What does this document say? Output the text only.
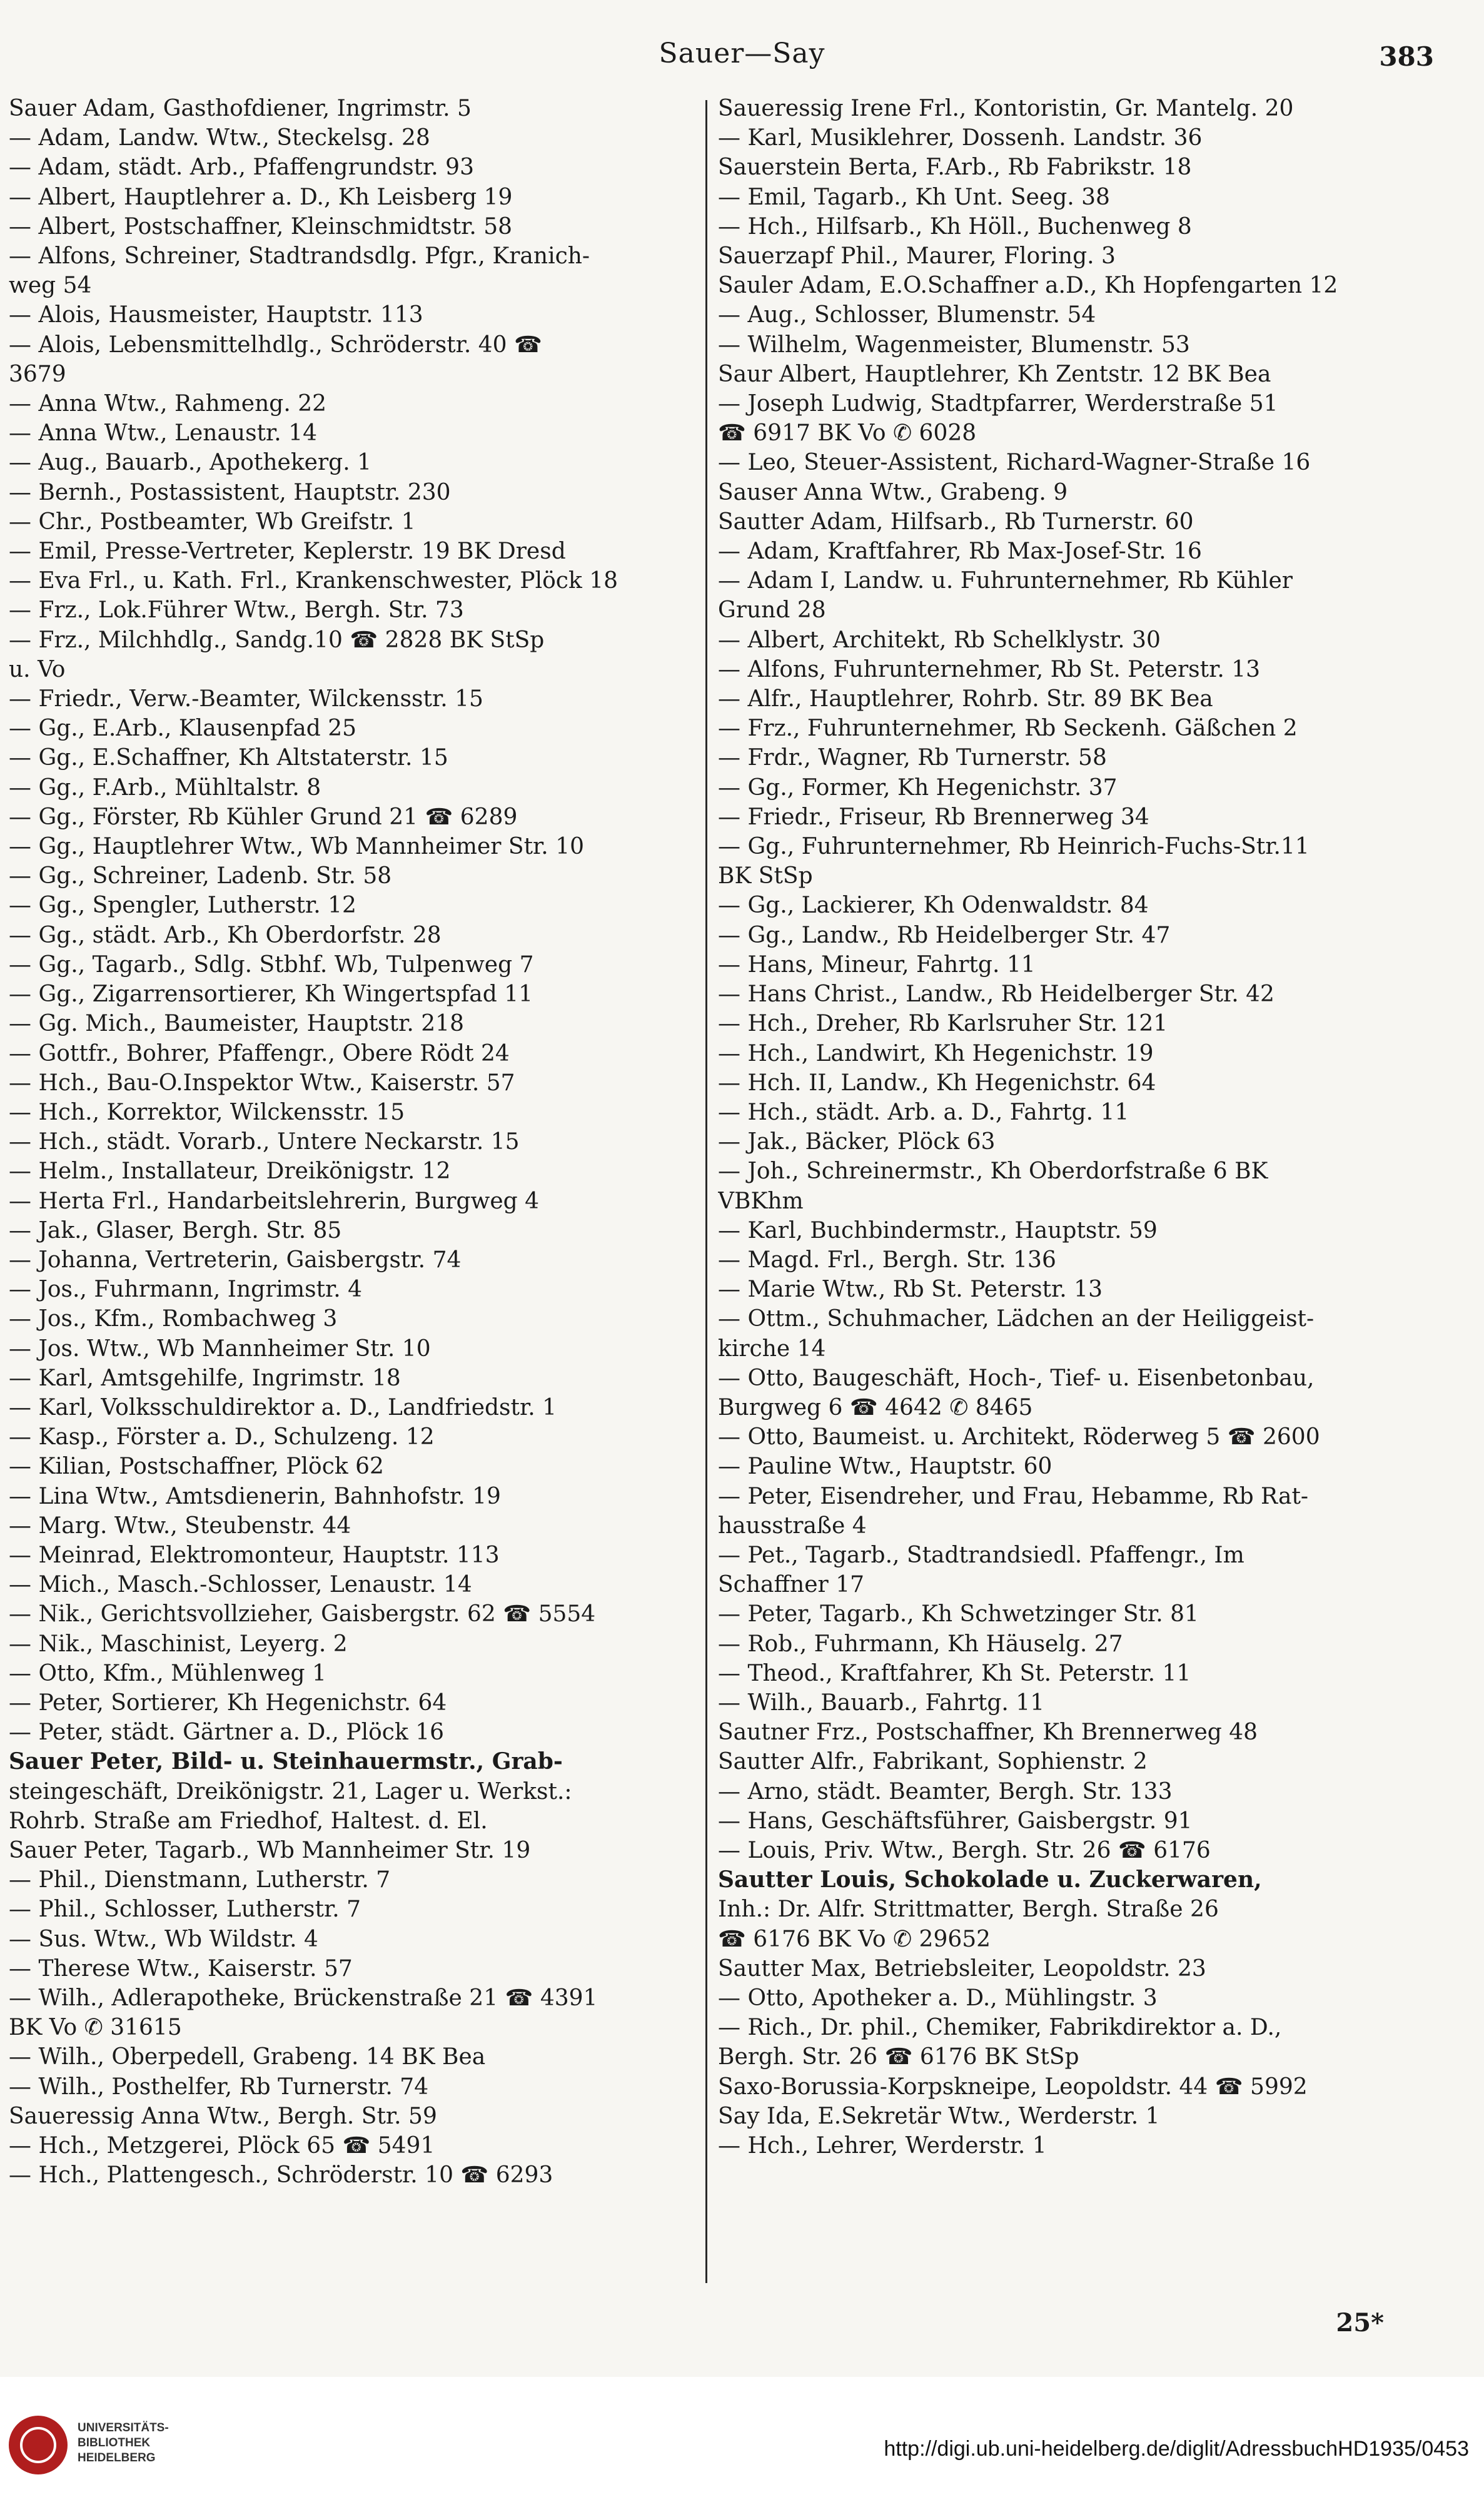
Sauer—Say	383
Sauer Adam, Gasthofdiener, Ingrimstr. 5
— Adam, Landw. Wtw., Steckelsg. 28
— Adam, städt. Arb., Pfaffengrundstr. 93
— Albert, Hauptlehrer a. D., Kh Leisberg 19
— Albert, Postschaffner, Kleinschmidtstr. 58
— Alfons, Schreiner, Stadtrandsdlg. Pfgr., Kranich-
weg 54
— Alois, Hausmeister, Hauptstr. 113
— Alois, Lebensmittelhdlg., Schröderstr. 40 ☎
3679
— Anna Wtw., Rahmeng. 22
— Anna Wtw., Lenaustr. 14
— Aug., Bauarb., Apothekerg. 1
— Bernh., Postassistent, Hauptstr. 230
— Chr., Postbeamter, Wb Greifstr. 1
— Emil, Presse-Vertreter, Keplerstr. 19 BK Dresd
— Eva Frl., u. Kath. Frl., Krankenschwester, Plöck 18
— Frz., Lok.Führer Wtw., Bergh. Str. 73
— Frz., Milchhdlg., Sandg.10 ☎ 2828 BK StSp
u. Vo
— Friedr., Verw.-Beamter, Wilckensstr. 15
— Gg., E.Arb., Klausenpfad 25
— Gg., E.Schaffner, Kh Altstaterstr. 15
— Gg., F.Arb., Mühltalstr. 8
— Gg., Förster, Rb Kühler Grund 21 ☎ 6289
— Gg., Hauptlehrer Wtw., Wb Mannheimer Str. 10
— Gg., Schreiner, Ladenb. Str. 58
— Gg., Spengler, Lutherstr. 12
— Gg., städt. Arb., Kh Oberdorfstr. 28
— Gg., Tagarb., Sdlg. Stbhf. Wb, Tulpenweg 7
— Gg., Zigarrensortierer, Kh Wingertspfad 11
— Gg. Mich., Baumeister, Hauptstr. 218
— Gottfr., Bohrer, Pfaffengr., Obere Rödt 24
— Hch., Bau-O.Inspektor Wtw., Kaiserstr. 57
— Hch., Korrektor, Wilckensstr. 15
— Hch., städt. Vorarb., Untere Neckarstr. 15
— Helm., Installateur, Dreikönigstr. 12
— Herta Frl., Handarbeitslehrerin, Burgweg 4
— Jak., Glaser, Bergh. Str. 85
— Johanna, Vertreterin, Gaisbergstr. 74
— Jos., Fuhrmann, Ingrimstr. 4
— Jos., Kfm., Rombachweg 3
— Jos. Wtw., Wb Mannheimer Str. 10
— Karl, Amtsgehilfe, Ingrimstr. 18
— Karl, Volksschuldirektor a. D., Landfriedstr. 1
— Kasp., Förster a. D., Schulzeng. 12
— Kilian, Postschaffner, Plöck 62
— Lina Wtw., Amtsdienerin, Bahnhofstr. 19
— Marg. Wtw., Steubenstr. 44
— Meinrad, Elektromonteur, Hauptstr. 113
— Mich., Masch.-Schlosser, Lenaustr. 14
— Nik., Gerichtsvollzieher, Gaisbergstr. 62 ☎ 5554
— Nik., Maschinist, Leyerg. 2
— Otto, Kfm., Mühlenweg 1
— Peter, Sortierer, Kh Hegenichstr. 64
— Peter, städt. Gärtner a. D., Plöck 16
Sauer Peter, Bild- u. Steinhauermstr., Grab-
steingeschäft, Dreikönigstr. 21, Lager u. Werkst.:
Rohrb. Straße am Friedhof, Haltest. d. El.
Sauer Peter, Tagarb., Wb Mannheimer Str. 19
— Phil., Dienstmann, Lutherstr. 7
— Phil., Schlosser, Lutherstr. 7
— Sus. Wtw., Wb Wildstr. 4
— Therese Wtw., Kaiserstr. 57
— Wilh., Adlerapotheke, Brückenstraße 21 ☎ 4391
BK Vo ✆ 31615
— Wilh., Oberpedell, Grabeng. 14 BK Bea
— Wilh., Posthelfer, Rb Turnerstr. 74
Saueressig Anna Wtw., Bergh. Str. 59
— Hch., Metzgerei, Plöck 65 ☎ 5491
— Hch., Plattengesch., Schröderstr. 10 ☎ 6293
Saueressig Irene Frl., Kontoristin, Gr. Mantelg. 20
— Karl, Musiklehrer, Dossenh. Landstr. 36
Sauerstein Berta, F.Arb., Rb Fabrikstr. 18
— Emil, Tagarb., Kh Unt. Seeg. 38
— Hch., Hilfsarb., Kh Höll., Buchenweg 8
Sauerzapf Phil., Maurer, Floring. 3
Sauler Adam, E.O.Schaffner a.D., Kh Hopfengarten 12
— Aug., Schlosser, Blumenstr. 54
— Wilhelm, Wagenmeister, Blumenstr. 53
Saur Albert, Hauptlehrer, Kh Zentstr. 12 BK Bea
— Joseph Ludwig, Stadtpfarrer, Werderstraße 51
☎ 6917 BK Vo ✆ 6028
— Leo, Steuer-Assistent, Richard-Wagner-Straße 16
Sauser Anna Wtw., Grabeng. 9
Sautter Adam, Hilfsarb., Rb Turnerstr. 60
— Adam, Kraftfahrer, Rb Max-Josef-Str. 16
— Adam I, Landw. u. Fuhrunternehmer, Rb Kühler
Grund 28
— Albert, Architekt, Rb Schelklystr. 30
— Alfons, Fuhrunternehmer, Rb St. Peterstr. 13
— Alfr., Hauptlehrer, Rohrb. Str. 89 BK Bea
— Frz., Fuhrunternehmer, Rb Seckenh. Gäßchen 2
— Frdr., Wagner, Rb Turnerstr. 58
— Gg., Former, Kh Hegenichstr. 37
— Friedr., Friseur, Rb Brennerweg 34
— Gg., Fuhrunternehmer, Rb Heinrich-Fuchs-Str.11
BK StSp
— Gg., Lackierer, Kh Odenwaldstr. 84
— Gg., Landw., Rb Heidelberger Str. 47
— Hans, Mineur, Fahrtg. 11
— Hans Christ., Landw., Rb Heidelberger Str. 42
— Hch., Dreher, Rb Karlsruher Str. 121
— Hch., Landwirt, Kh Hegenichstr. 19
— Hch. II, Landw., Kh Hegenichstr. 64
— Hch., städt. Arb. a. D., Fahrtg. 11
— Jak., Bäcker, Plöck 63
— Joh., Schreinermstr., Kh Oberdorfstraße 6 BK
VBKhm
— Karl, Buchbindermstr., Hauptstr. 59
— Magd. Frl., Bergh. Str. 136
— Marie Wtw., Rb St. Peterstr. 13
— Ottm., Schuhmacher, Lädchen an der Heiliggeist-
kirche 14
— Otto, Baugeschäft, Hoch-, Tief- u. Eisenbetonbau,
Burgweg 6 ☎ 4642 ✆ 8465
— Otto, Baumeist. u. Architekt, Röderweg 5 ☎ 2600
— Pauline Wtw., Hauptstr. 60
— Peter, Eisendreher, und Frau, Hebamme, Rb Rat-
hausstraße 4
— Pet., Tagarb., Stadtrandsiedl. Pfaffengr., Im
Schaffner 17
— Peter, Tagarb., Kh Schwetzinger Str. 81
— Rob., Fuhrmann, Kh Häuselg. 27
— Theod., Kraftfahrer, Kh St. Peterstr. 11
— Wilh., Bauarb., Fahrtg. 11
Sautner Frz., Postschaffner, Kh Brennerweg 48
Sautter Alfr., Fabrikant, Sophienstr. 2
— Arno, städt. Beamter, Bergh. Str. 133
— Hans, Geschäftsführer, Gaisbergstr. 91
— Louis, Priv. Wtw., Bergh. Str. 26 ☎ 6176
Sautter Louis, Schokolade u. Zuckerwaren,
Inh.: Dr. Alfr. Strittmatter, Bergh. Straße 26
☎ 6176 BK Vo ✆ 29652
Sautter Max, Betriebsleiter, Leopoldstr. 23
— Otto, Apotheker a. D., Mühlingstr. 3
— Rich., Dr. phil., Chemiker, Fabrikdirektor a. D.,
Bergh. Str. 26 ☎ 6176 BK StSp
Saxo-Borussia-Korpskneipe, Leopoldstr. 44 ☎ 5992
Say Ida, E.Sekretär Wtw., Werderstr. 1
— Hch., Lehrer, Werderstr. 1
25*
UNIVERSITÄTS-
BIBLIOTHEK
HEIDELBERG	http://digi.ub.uni-heidelberg.de/diglit/AdressbuchHD1935/0453
